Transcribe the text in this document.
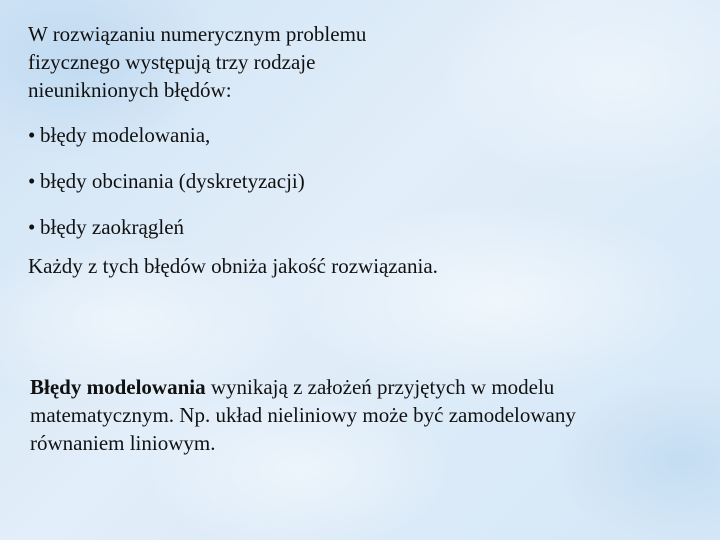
W rozwiązaniu numerycznym problemu
fizycznego występują trzy rodzaje
nieuniknionych błędów:

• błędy modelowania,
• błędy obcinania (dyskretyzacji)
• błędy zaokrągleń

Każdy z tych błędów obniża jakość rozwiązania.

Błędy modelowania wynikają z założeń przyjętych w modelu
matematycznym. Np. układ nieliniowy może być zamodelowany
równaniem liniowym.
